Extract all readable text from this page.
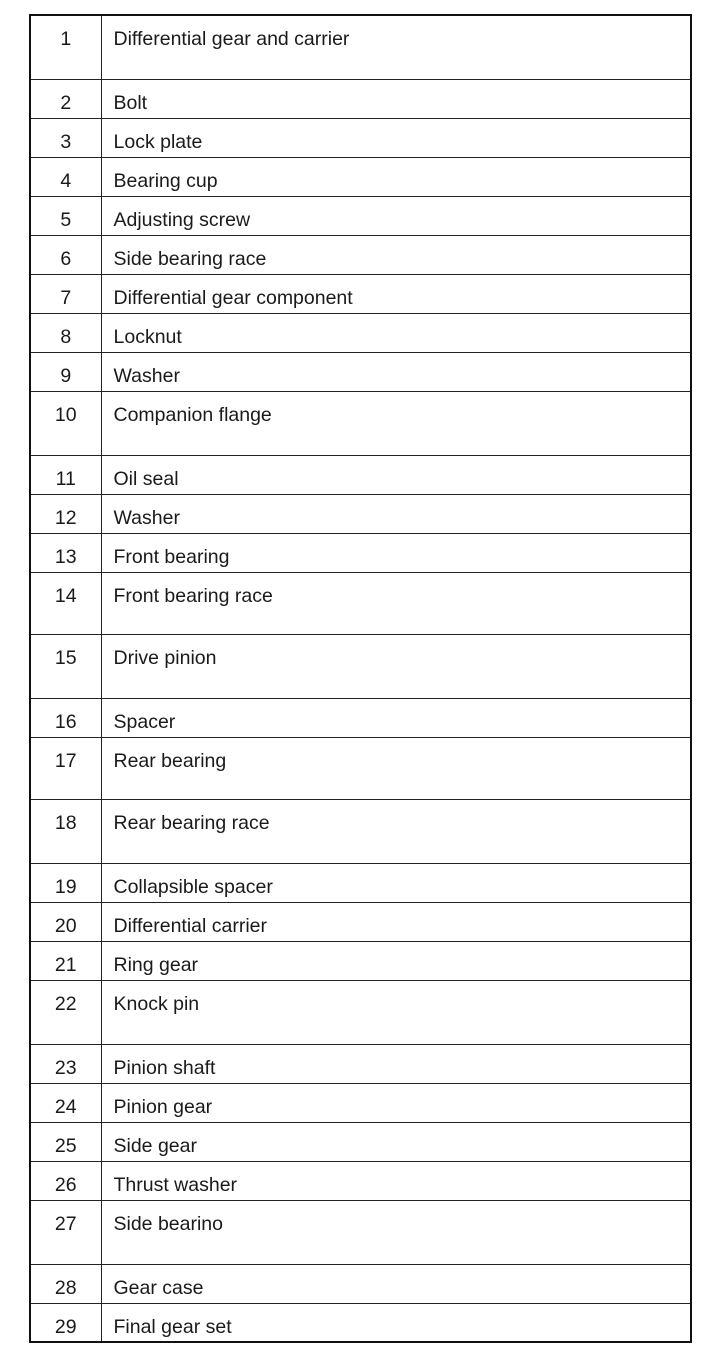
1	Differential gear and carrier
2	Bolt
3	Lock plate
4	Bearing cup
5	Adjusting screw
6	Side bearing race
7	Differential gear component
8	Locknut
9	Washer
10	Companion flange
11	Oil seal
12	Washer
13	Front bearing
14	Front bearing race
15	Drive pinion
16	Spacer
17	Rear bearing
18	Rear bearing race
19	Collapsible spacer
20	Differential carrier
21	Ring gear
22	Knock pin
23	Pinion shaft
24	Pinion gear
25	Side gear
26	Thrust washer
27	Side bearino
28	Gear case
29	Final gear set
